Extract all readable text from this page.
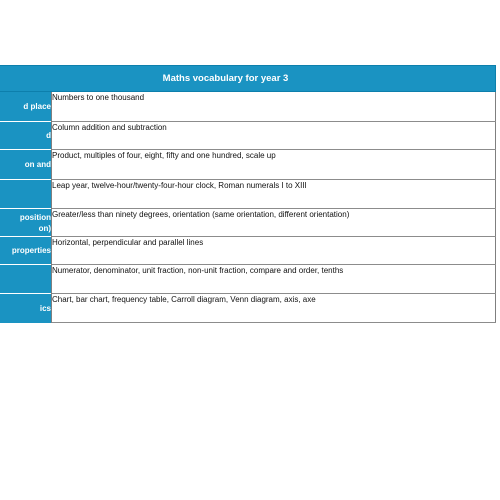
Maths vocabulary for year 3	

d place	Numbers to one thousand

d	Column addition and subtraction

on and	Product, multiples of four, eight, fifty and one hundred, scale up

	Leap year, twelve-hour/twenty-four-hour clock, Roman numerals I to XIII

position
on)	Greater/less than ninety degrees, orientation (same orientation, different orientation)

properties	Horizontal, perpendicular and parallel lines

	Numerator, denominator, unit fraction, non-unit fraction, compare and order, tenths

ics	Chart, bar chart, frequency table, Carroll diagram, Venn diagram, axis, axe
